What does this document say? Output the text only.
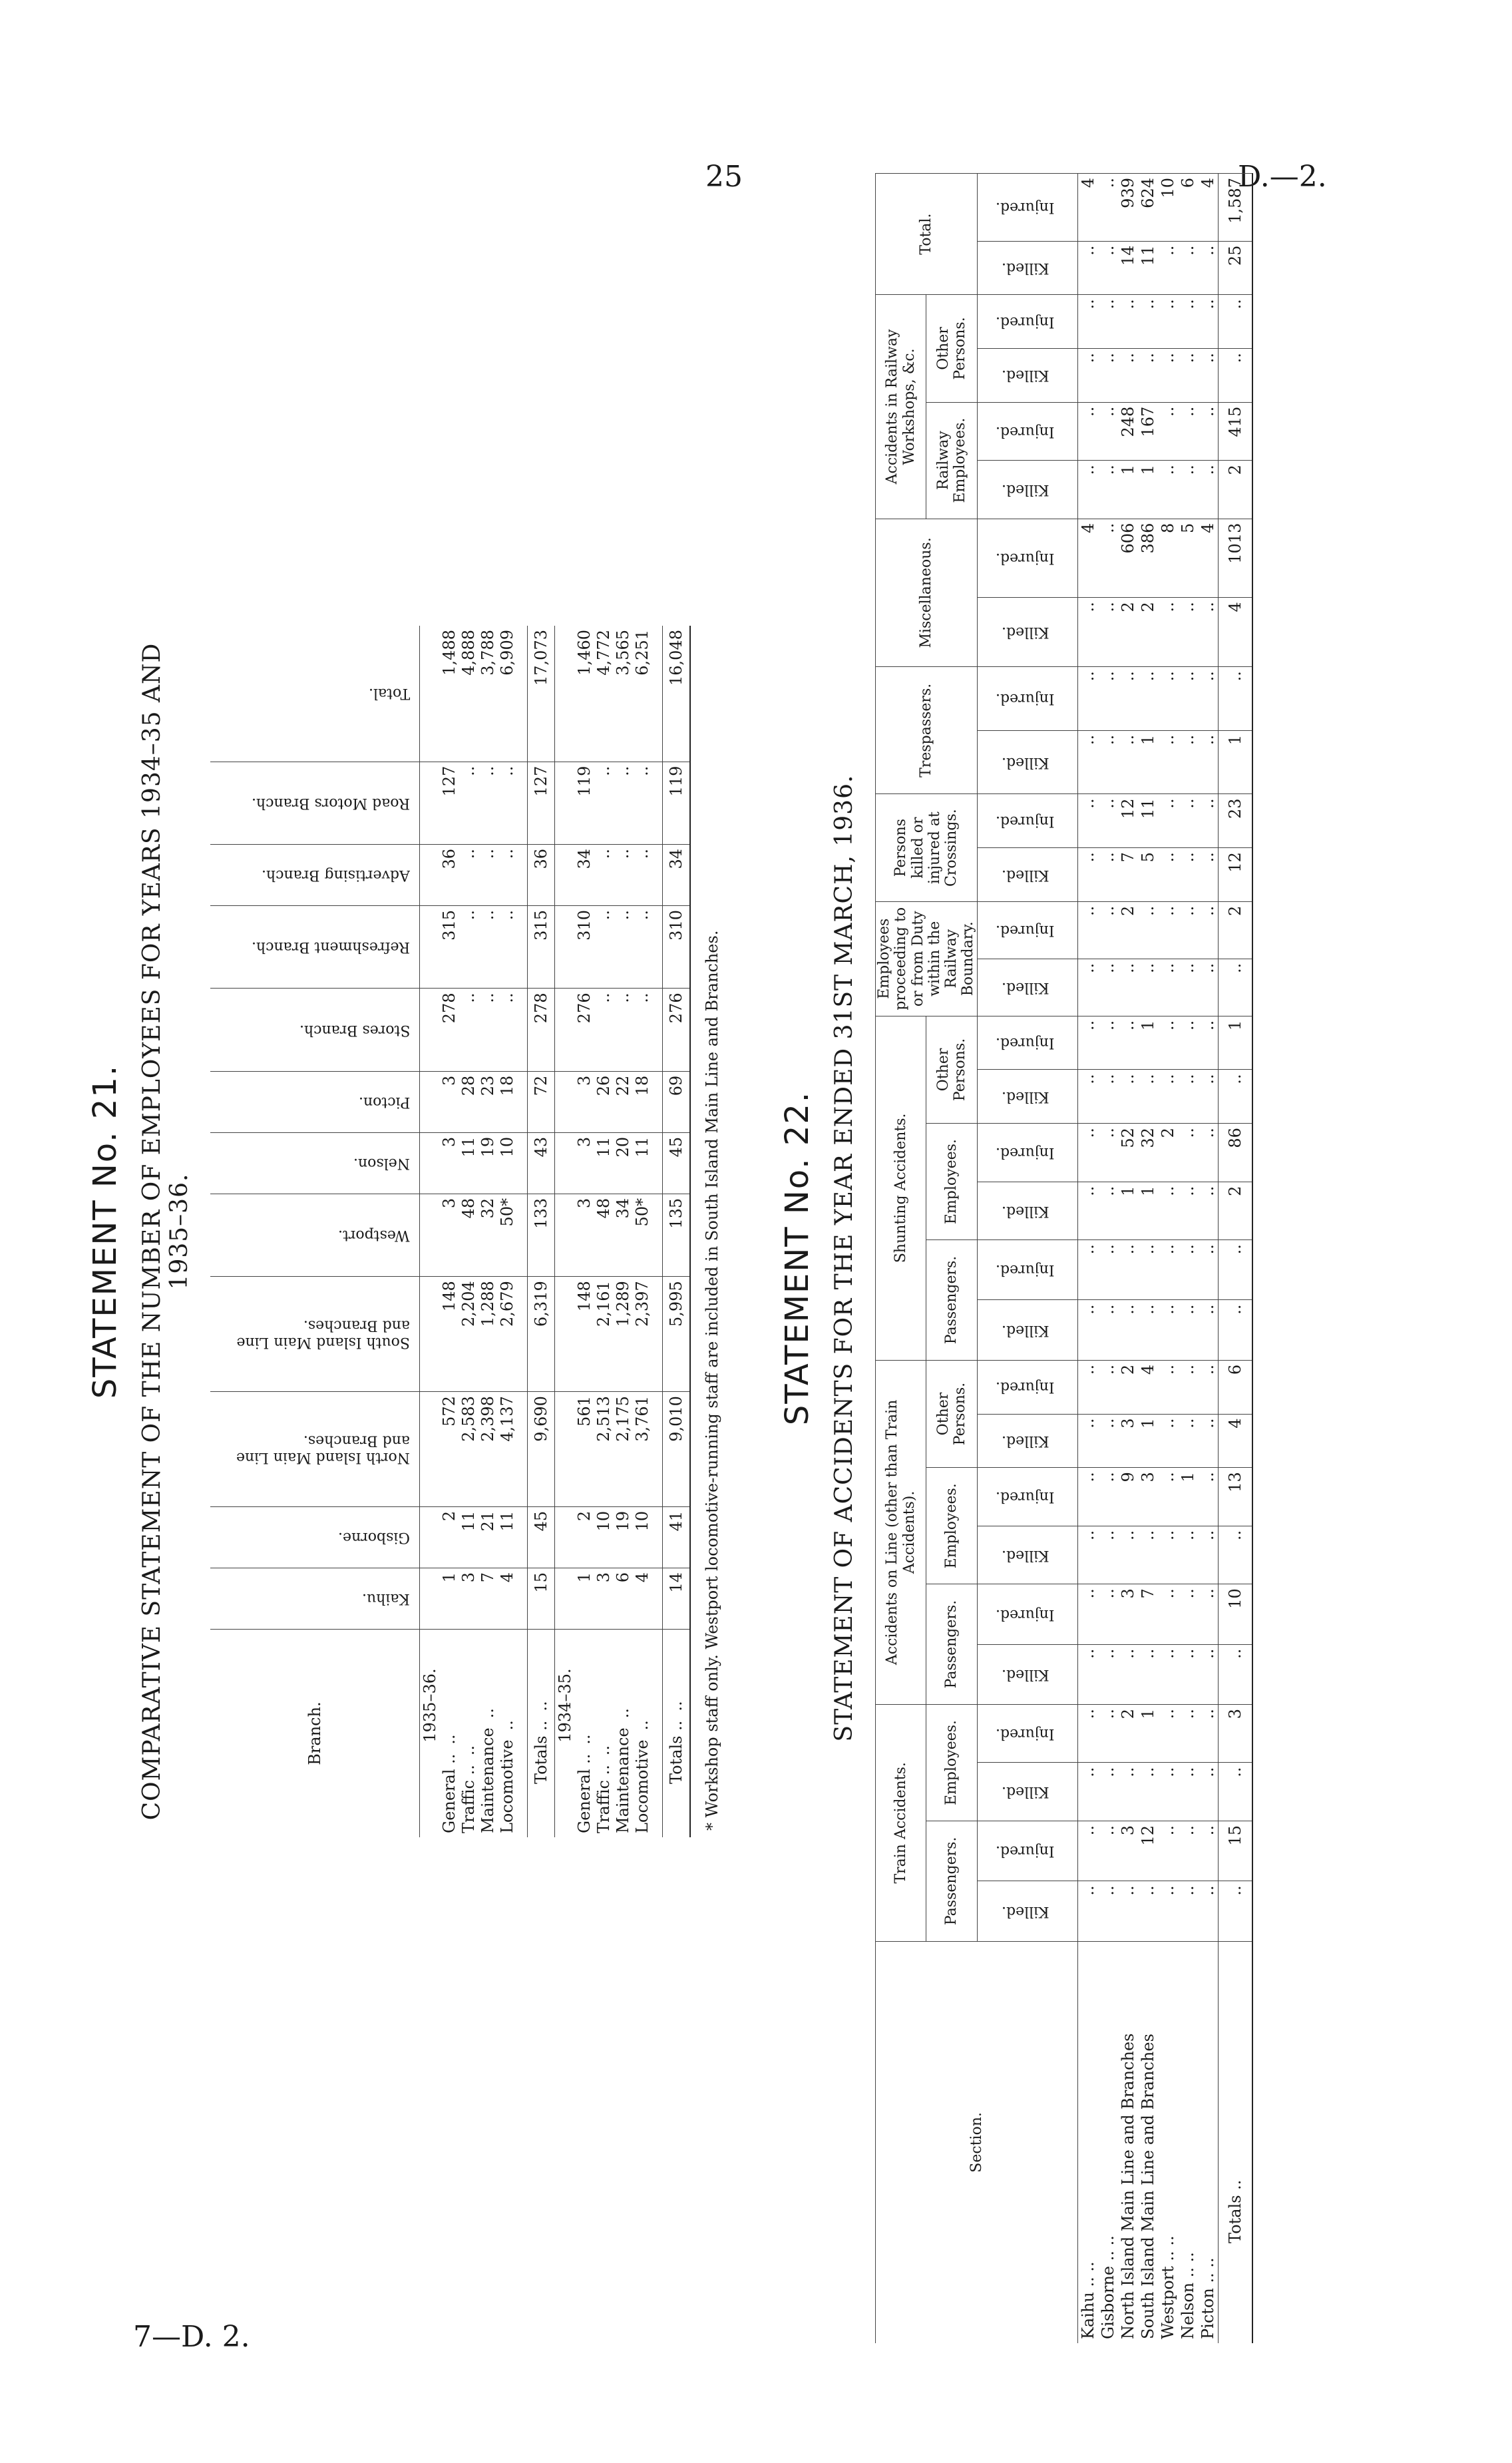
25	D.—2.
7—D. 2.
STATEMENT No. 21. COMPARATIVE STATEMENT OF THE NUMBER OF EMPLOYEES FOR YEARS 1934–35 AND 1935–36.
Branch.	Kaihu.	Gisborne.	North Island Main Line and Branches.	South Island Main Line and Branches.	Westport.	Nelson.	Picton.	Stores Branch.	Refreshment Branch.	Advertising Branch.	Road Motors Branch.	Total.
1935–36.												
General ....	1	2	572	148	3	3	3	278	315	36	127	1,488
Traffic ....	3	11	2,583	2,204	48	11	28	..	..	..	..	4,888
Maintenance..	7	21	2,398	1,288	32	19	23	..	..	..	..	3,788
Locomotive..	4	11	4,137	2,679	50*	10	18	..	..	..	..	6,909

Totals ....	15	45	9,690	6,319	133	43	72	278	315	36	127	17,073
1934–35.												
General ....	1	2	561	148	3	3	3	276	310	34	119	1,460
Traffic ....	3	10	2,513	2,161	48	11	26	..	..	..	..	4,772
Maintenance..	6	19	2,175	1,289	34	20	22	..	..	..	..	3,565
Locomotive..	4	10	3,761	2,397	50*	11	18	..	..	..	..	6,251

Totals ....	14	41	9,010	5,995	135	45	69	276	310	34	119	16,048
* Workshop staff only. Westport locomotive-running staff are included in South Island Main Line and Branches. STATEMENT No. 22. STATEMENT OF ACCIDENTS FOR THE YEAR ENDED 31ST MARCH, 1936.
Section.	Train Accidents.				Accidents on Line (other than Train Accidents).						Shunting Accidents.						Employees proceeding to or from Duty within the Railway Boundary.		Persons killed or injured at Crossings.		Trespassers.		Miscellaneous.		Accidents in Railway Workshops, &c.				Total.	
	Passengers.		Employees.		Passengers.		Employees.		Other Persons.		Passengers.		Employees.		Other Persons.										Railway Employees.		Other Persons.			
	Killed.	Injured.	Killed.	Injured.	Killed.	Injured.	Killed.	Injured.	Killed.	Injured.	Killed.	Injured.	Killed.	Injured.	Killed.	Injured.	Killed.	Injured.	Killed.	Injured.	Killed.	Injured.	Killed.	Injured.	Killed.	Injured.	Killed.	Injured.	Killed.	Injured.
Kaihu .. ..	..	..	..	..	..	..	..	..	..	..	..	..	..	..	..	..	..	..	..	..	..	..	..	4	..	..	..	..	..	4
Gisborne .. ..	..	..	..	..	..	..	..	..	..	..	..	..	..	..	..	..	..	..	..	..	..	..	..	..	..	..	..	..	..	..
North Island Main Line and Branches	..	3	..	2	..	3	..	9	3	2	..	..	1	52	..	..	..	2	7	12	..	..	2	606	1	248	..	..	14	939
South Island Main Line and Branches	..	12	..	1	..	7	..	3	1	4	..	..	1	32	..	1	..	..	5	11	1	..	2	386	1	167	..	..	11	624
Westport .. ..	..	..	..	..	..	..	..	..	..	..	..	..	..	2	..	..	..	..	..	..	..	..	..	8	..	..	..	..	..	10
Nelson .. ..	..	..	..	..	..	..	..	1	..	..	..	..	..	..	..	..	..	..	..	..	..	..	..	5	..	..	..	..	..	6
Picton .. ..	..	..	..	..	..	..	..	..	..	..	..	..	..	..	..	..	..	..	..	..	..	..	..	4	..	..	..	..	..	4
Totals ..	..	15	..	3	..	10	..	13	4	6	..	..	2	86	..	1	..	2	12	23	1	..	4	1013	2	415	..	..	25	1,587
